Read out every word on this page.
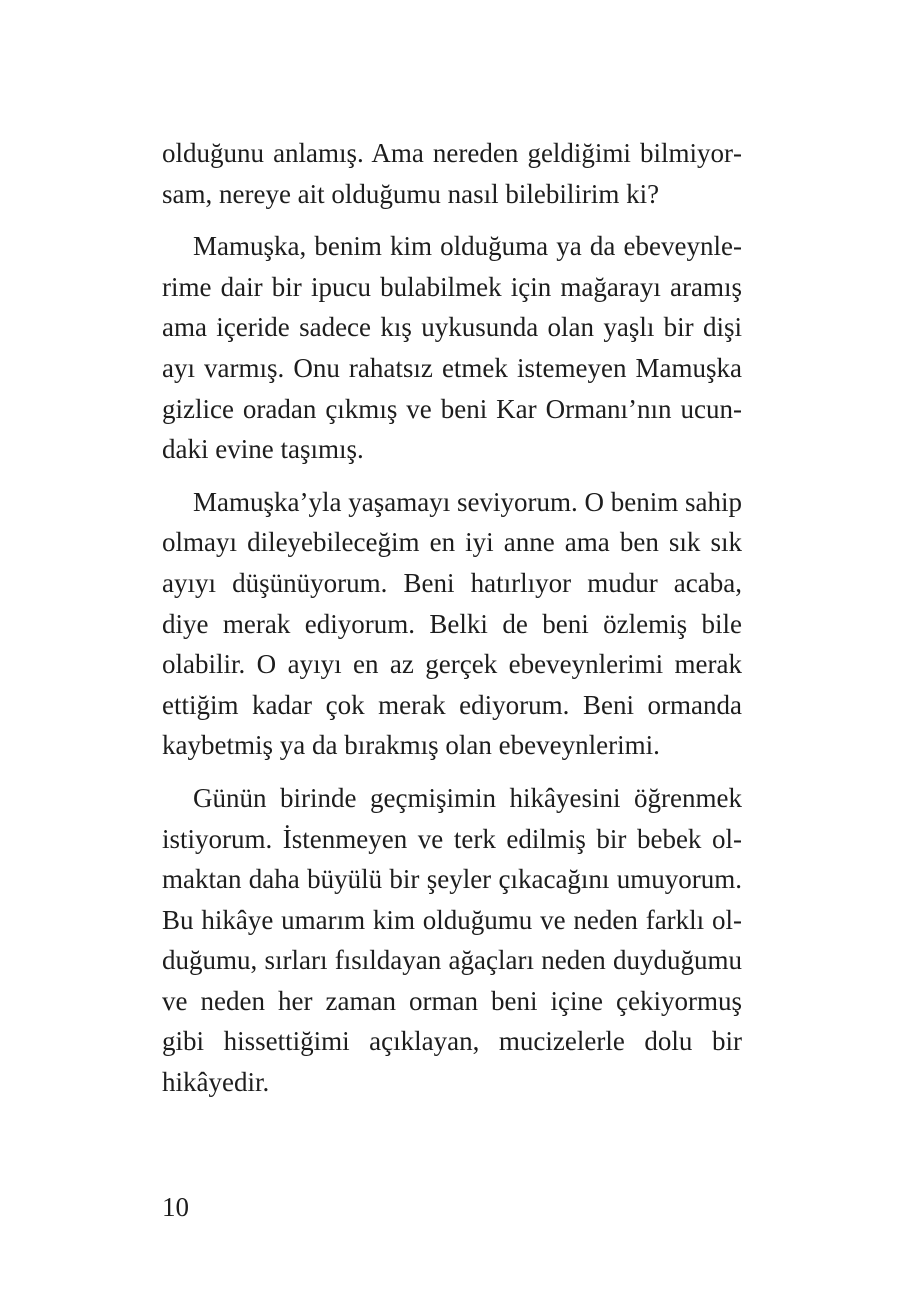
olduğunu anlamış. Ama nereden geldiğimi bilmiyorsam, nereye ait olduğumu nasıl bilebilirim ki?

Mamuşka, benim kim olduğuma ya da ebeveynlerime dair bir ipucu bulabilmek için mağarayı aramış ama içeride sadece kış uykusunda olan yaşlı bir dişi ayı varmış. Onu rahatsız etmek istemeyen Mamuşka gizlice oradan çıkmış ve beni Kar Ormanı’nın ucundaki evine taşımış.

Mamuşka’yla yaşamayı seviyorum. O benim sahip olmayı dileyebileceğim en iyi anne ama ben sık sık ayıyı düşünüyorum. Beni hatırlıyor mudur acaba, diye merak ediyorum. Belki de beni özlemiş bile olabilir. O ayıyı en az gerçek ebeveynlerimi merak ettiğim kadar çok merak ediyorum. Beni ormanda kaybetmiş ya da bırakmış olan ebeveynlerimi.

Günün birinde geçmişimin hikâyesini öğrenmek istiyorum. İstenmeyen ve terk edilmiş bir bebek olmaktan daha büyülü bir şeyler çıkacağını umuyorum. Bu hikâye umarım kim olduğumu ve neden farklı olduğumu, sırları fısıldayan ağaçları neden duyduğumu ve neden her zaman orman beni içine çekiyormuş gibi hissettiğimi açıklayan, mucizelerle dolu bir hikâyedir.

10
